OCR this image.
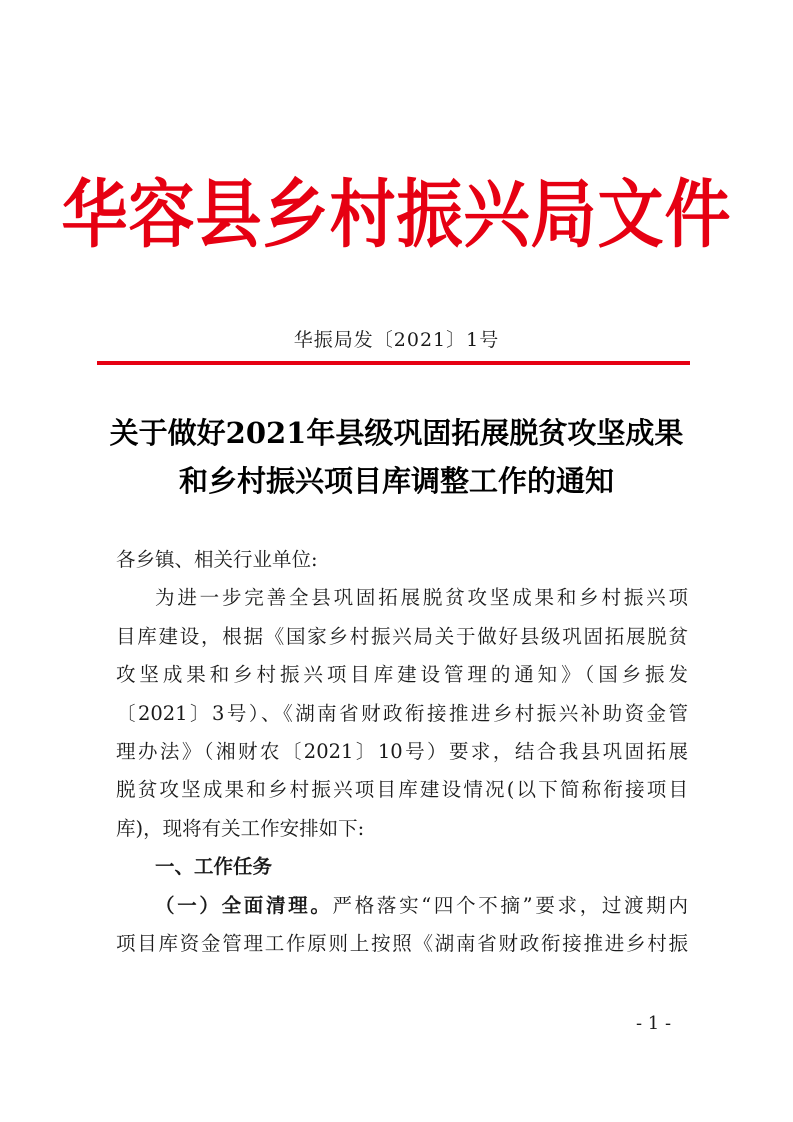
华容县乡村振兴局文件
华振局发〔2021〕1号
关于做好2021年县级巩固拓展脱贫攻坚成果
和乡村振兴项目库调整工作的通知
各乡镇、相关行业单位:
为进一步完善全县巩固拓展脱贫攻坚成果和乡村振兴项
目库建设，根据《国家乡村振兴局关于做好县级巩固拓展脱贫
攻坚成果和乡村振兴项目库建设管理的通知》（国乡振发
〔2021〕3号）、《湖南省财政衔接推进乡村振兴补助资金管
理办法》（湘财农〔2021〕10号）要求，结合我县巩固拓展
脱贫攻坚成果和乡村振兴项目库建设情况(以下简称衔接项目
库)，现将有关工作安排如下:
一、工作任务
（一）全面清理。严格落实“四个不摘”要求，过渡期内
项目库资金管理工作原则上按照《湖南省财政衔接推进乡村振
- 1 -
